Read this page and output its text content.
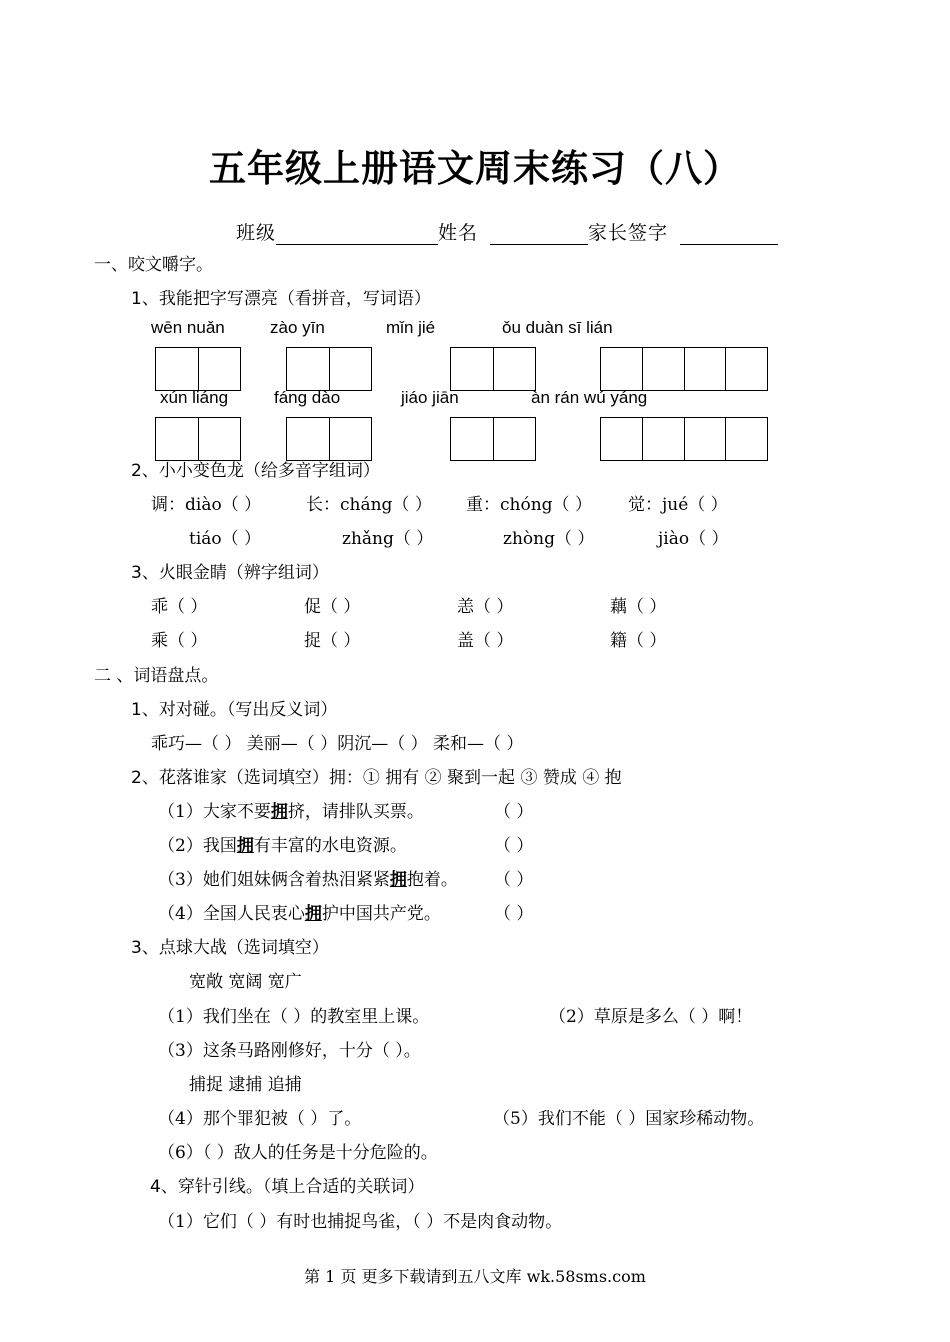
五年级上册语文周末练习（八）
班级	姓名	家长签字
一、咬文嚼字。
1、我能把字写漂亮（看拼音，写词语）
wēn nuǎn	zào yīn	mǐn jié	ǒu duàn sī lián
xún liáng	fáng dào	jiáo jiān	àn rán wú yáng
2、小小变色龙（给多音字组词）
调：diào（ ）	长：cháng（ ） 重：chóng（ ） 觉：jué（ ）
tiáo（ ）	zhǎng（ ）	zhòng（ ）	jiào（ ）
3、火眼金睛（辨字组词）
乖（ ）	促（ ）	恙（ ）	藕（ ）
乘（ ）	捉（ ）	盖（ ）	籍（ ）
二 、词语盘点。
1、对对碰。（写出反义词）
乖巧—（ ） 美丽—（ ）阴沉—（ ） 柔和—（ ）
2、花落谁家（选词填空）拥：① 拥有 ② 聚到一起 ③ 赞成 ④ 抱
（1）大家不要拥挤，请排队买票。	（ ）
（2）我国拥有丰富的水电资源。	（ ）
（3）她们姐妹俩含着热泪紧紧拥抱着。 （ ）
（4）全国人民衷心拥护中国共产党。	（ ）
3、点球大战（选词填空）
宽敞 宽阔 宽广
（1）我们坐在（ ）的教室里上课。	（2）草原是多么（ ）啊！
（3）这条马路刚修好，十分（ ）。
捕捉 逮捕 追捕
（4）那个罪犯被（ ）了。	（5）我们不能（ ）国家珍稀动物。
（6）（ ）敌人的任务是十分危险的。
4、穿针引线。（填上合适的关联词）
（1）它们（ ）有时也捕捉鸟雀，（ ）不是肉食动物。
第 1 页 更多下载请到五八文库 wk.58sms.com
